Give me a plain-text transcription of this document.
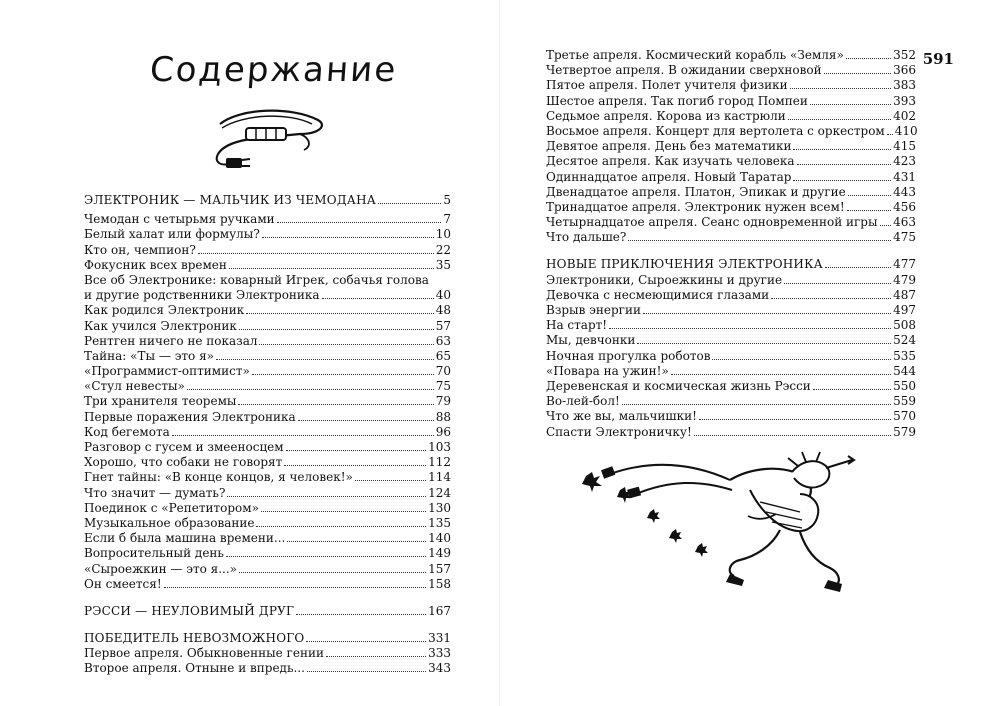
Содержание
ЭЛЕКТРОНИК — МАЛЬЧИК ИЗ ЧЕМОДАНА	5
Чемодан с четырьмя ручками	7
Белый халат или формулы?	10
Кто он, чемпион?	22
Фокусник всех времен	35
Все об Электронике: коварный Игрек, собачья голова
и другие родственники Электроника	40
Как родился Электроник	48
Как учился Электроник	57
Рентген ничего не показал	63
Тайна: «Ты — это я»	65
«Программист-оптимист»	70
«Стул невесты»	75
Три хранителя теоремы	79
Первые поражения Электроника	88
Код бегемота	96
Разговор с гусем и змееносцем	103
Хорошо, что собаки не говорят	112
Гнет тайны: «В конце концов, я человек!»	114
Что значит — думать?	124
Поединок с «Репетитором»	130
Музыкальное образование	135
Если б была машина времени...	140
Вопросительный день	149
«Сыроежкин — это я...»	157
Он смеется!	158
РЭССИ — НЕУЛОВИМЫЙ ДРУГ	167
ПОБЕДИТЕЛЬ НЕВОЗМОЖНОГО	331
Первое апреля. Обыкновенные гении	333
Второе апреля. Отныне и впредь...	343
591
Третье апреля. Космический корабль «Земля»	352
Четвертое апреля. В ожидании сверхновой	366
Пятое апреля. Полет учителя физики	383
Шестое апреля. Так погиб город Помпеи	393
Седьмое апреля. Корова из кастрюли	402
Восьмое апреля. Концерт для вертолета с оркестром 410
Девятое апреля. День без математики	415
Десятое апреля. Как изучать человека	423
Одиннадцатое апреля. Новый Таратар	431
Двенадцатое апреля. Платон, Эпикак и другие	443
Тринадцатое апреля. Электроник нужен всем!	456
Четырнадцатое апреля. Сеанс одновременной игры 463
Что дальше?	475
НОВЫЕ ПРИКЛЮЧЕНИЯ ЭЛЕКТРОНИКА	477
Электроники, Сыроежкины и другие	479
Девочка с несмеющимися глазами	487
Взрыв энергии	497
На старт!	508
Мы, девчонки	524
Ночная прогулка роботов	535
«Повара на ужин!»	544
Деревенская и космическая жизнь Рэсси	550
Во-лей-бол!	559
Что же вы, мальчишки!	570
Спасти Электроничку!	579
